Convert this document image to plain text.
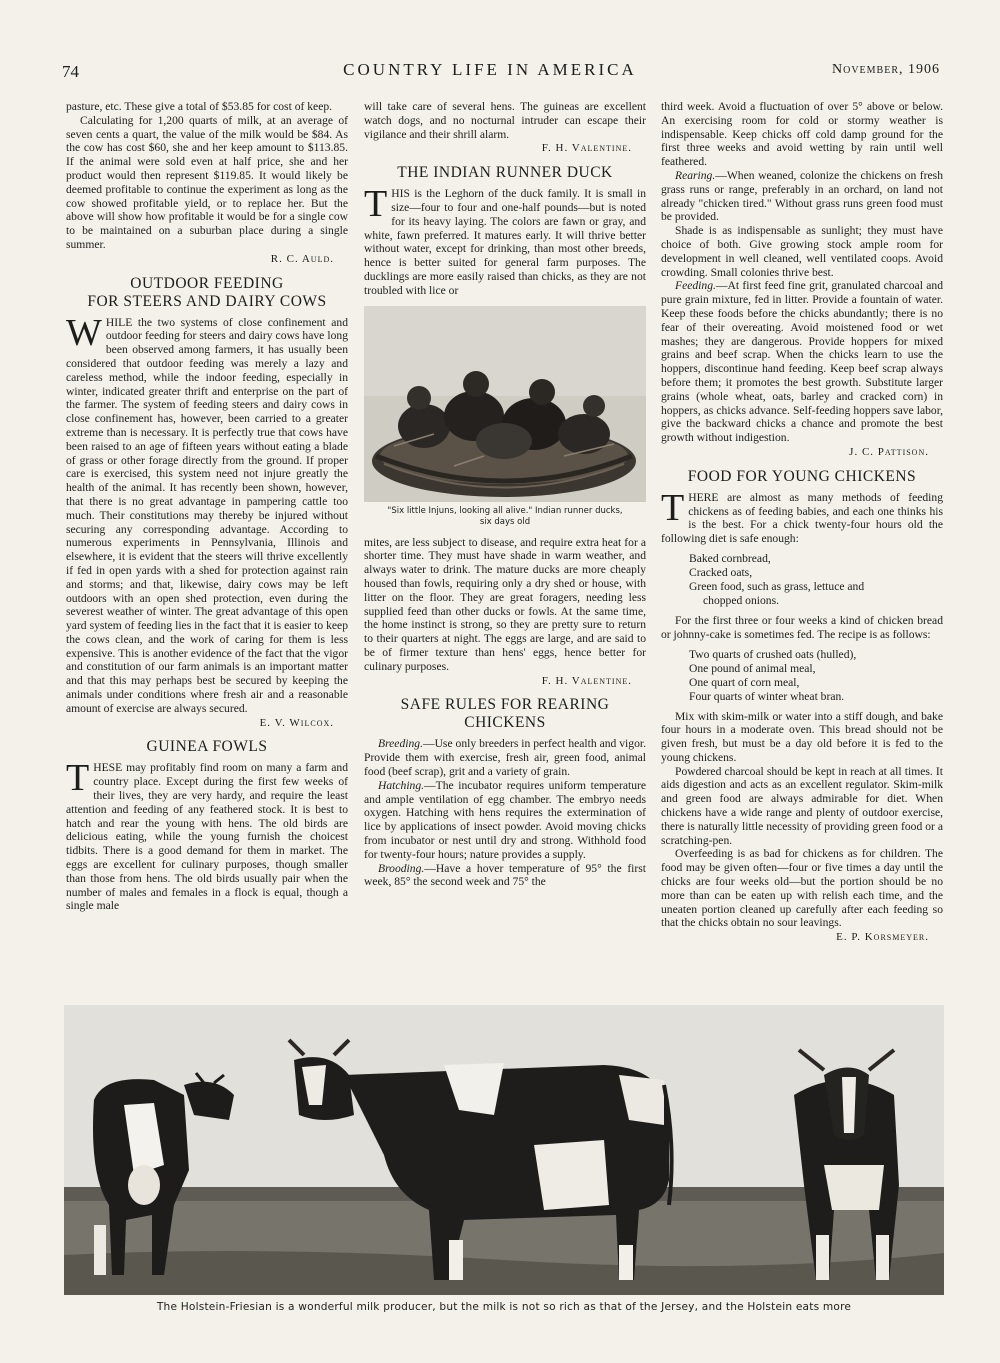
74	COUNTRY LIFE IN AMERICA	November, 1906

pasture, etc. These give a total of $53.85 for cost of keep.

Calculating for 1,200 quarts of milk, at an average of seven cents a quart, the value of the milk would be $84. As the cow has cost $60, she and her keep amount to $113.85. If the animal were sold even at half price, she and her product would then represent $119.85. It would likely be deemed profitable to continue the experiment as long as the cow showed profitable yield, or to replace her. But the above will show how profitable it would be for a single cow to be maintained on a suburban place during a single summer.

R. C. Auld.
OUTDOOR FEEDING
FOR STEERS AND DAIRY COWS

WHILE the two systems of close confinement and outdoor feeding for steers and dairy cows have long been observed among farmers, it has usually been considered that outdoor feeding was merely a lazy and careless method, while the indoor feeding, especially in winter, indicated greater thrift and enterprise on the part of the farmer. The system of feeding steers and dairy cows in close confinement has, however, been carried to a greater extreme than is necessary. It is perfectly true that cows have been raised to an age of fifteen years without eating a blade of grass or other forage directly from the ground. If proper care is exercised, this system need not injure greatly the health of the animal. It has recently been shown, however, that there is no great advantage in pampering cattle too much. Their constitutions may thereby be injured without securing any corresponding advantage. According to numerous experiments in Pennsylvania, Illinois and elsewhere, it is evident that the steers will thrive excellently if fed in open yards with a shed for protection against rain and storms; and that, likewise, dairy cows may be left outdoors with an open shed protection, even during the severest weather of winter. The great advantage of this open yard system of feeding lies in the fact that it is easier to keep the cows clean, and the work of caring for them is less expensive. This is another evidence of the fact that the vigor and constitution of our farm animals is an important matter and that this may perhaps best be secured by keeping the animals under conditions where fresh air and a reasonable amount of exercise are always secured.

E. V. Wilcox.
GUINEA FOWLS

THESE may profitably find room on many a farm and country place. Except during the first few weeks of their lives, they are very hardy, and require the least attention and feeding of any feathered stock. It is best to hatch and rear the young with hens. The old birds are delicious eating, while the young furnish the choicest tidbits. There is a good demand for them in market. The eggs are excellent for culinary purposes, though smaller than those from hens. The old birds usually pair when the number of males and females in a flock is equal, though a single male

will take care of several hens. The guineas are excellent watch dogs, and no nocturnal intruder can escape their vigilance and their shrill alarm.

F. H. Valentine.
THE INDIAN RUNNER DUCK

THIS is the Leghorn of the duck family. It is small in size—four to four and one-half pounds—but is noted for its heavy laying. The colors are fawn or gray, and white, fawn preferred. It matures early. It will thrive better without water, except for drinking, than most other breeds, hence is better suited for general farm purposes. The ducklings are more easily raised than chicks, as they are not troubled with lice or

"Six little Injuns, looking all alive." Indian runner ducks,
six days old

mites, are less subject to disease, and require extra heat for a shorter time. They must have shade in warm weather, and always water to drink. The mature ducks are more cheaply housed than fowls, requiring only a dry shed or house, with litter on the floor. They are great foragers, needing less supplied feed than other ducks or fowls. At the same time, the home instinct is strong, so they are pretty sure to return to their quarters at night. The eggs are large, and are said to be of firmer texture than hens' eggs, hence better for culinary purposes.

F. H. Valentine.
SAFE RULES FOR REARING
CHICKENS

Breeding.—Use only breeders in perfect health and vigor. Provide them with exercise, fresh air, green food, animal food (beef scrap), grit and a variety of grain.

Hatching.—The incubator requires uniform temperature and ample ventilation of egg chamber. The embryo needs oxygen. Hatching with hens requires the extermination of lice by applications of insect powder. Avoid moving chicks from incubator or nest until dry and strong. Withhold food for twenty-four hours; nature provides a supply.

Brooding.—Have a hover temperature of 95° the first week, 85° the second week and 75° the

third week. Avoid a fluctuation of over 5° above or below. An exercising room for cold or stormy weather is indispensable. Keep chicks off cold damp ground for the first three weeks and avoid wetting by rain until well feathered.

Rearing.—When weaned, colonize the chickens on fresh grass runs or range, preferably in an orchard, on land not already "chicken tired." Without grass runs green food must be provided.

Shade is as indispensable as sunlight; they must have choice of both. Give growing stock ample room for development in well cleaned, well ventilated coops. Avoid crowding. Small colonies thrive best.

Feeding.—At first feed fine grit, granulated charcoal and pure grain mixture, fed in litter. Provide a fountain of water. Keep these foods before the chicks abundantly; there is no fear of their overeating. Avoid moistened food or wet mashes; they are dangerous. Provide hoppers for mixed grains and beef scrap. When the chicks learn to use the hoppers, discontinue hand feeding. Keep beef scrap always before them; it promotes the best growth. Substitute larger grains (whole wheat, oats, barley and cracked corn) in hoppers, as chicks advance. Self-feeding hoppers save labor, give the backward chicks a chance and promote the best growth without indigestion.

J. C. Pattison.
FOOD FOR YOUNG CHICKENS

THERE are almost as many methods of feeding chickens as of feeding babies, and each one thinks his is the best. For a chick twenty-four hours old the following diet is safe enough:

Baked cornbread,
Cracked oats,
Green food, such as grass, lettuce and
chopped onions.

For the first three or four weeks a kind of chicken bread or johnny-cake is sometimes fed. The recipe is as follows:

Two quarts of crushed oats (hulled),
One pound of animal meal,
One quart of corn meal,
Four quarts of winter wheat bran.

Mix with skim-milk or water into a stiff dough, and bake four hours in a moderate oven. This bread should not be given fresh, but must be a day old before it is fed to the young chickens.

Powdered charcoal should be kept in reach at all times. It aids digestion and acts as an excellent regulator. Skim-milk and green food are always admirable for diet. When chickens have a wide range and plenty of outdoor exercise, there is naturally little necessity of providing green food or a scratching-pen.

Overfeeding is as bad for chickens as for children. The food may be given often—four or five times a day until the chicks are four weeks old—but the portion should be no more than can be eaten up with relish each time, and the uneaten portion cleaned up carefully after each feeding so that the chicks obtain no sour leavings.

E. P. Korsmeyer.
The Holstein-Friesian is a wonderful milk producer, but the milk is not so rich as that of the Jersey, and the Holstein eats more
